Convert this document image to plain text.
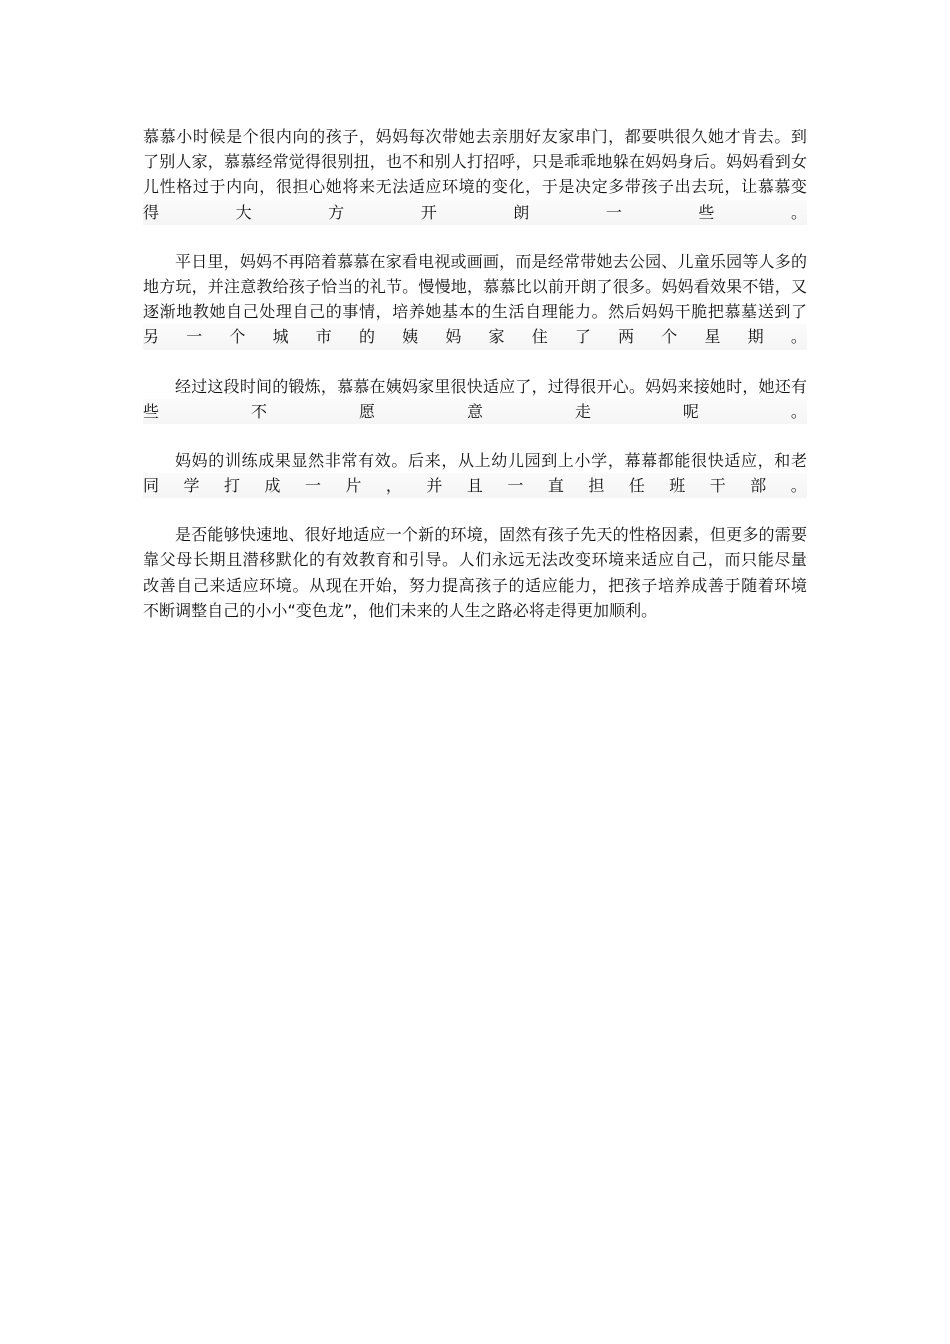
慕慕小时候是个很内向的孩子，妈妈每次带她去亲朋好友家串门，都要哄很久她才肯去。到
了别人家，慕慕经常觉得很别扭，也不和别人打招呼，只是乖乖地躲在妈妈身后。妈妈看到女
儿性格过于内向，很担心她将来无法适应环境的变化，于是决定多带孩子出去玩，让慕慕变
得	大	方	开	朗	一	些	。
平日里，妈妈不再陪着慕慕在家看电视或画画，而是经常带她去公园、儿童乐园等人多的
地方玩，并注意教给孩子恰当的礼节。慢慢地，慕慕比以前开朗了很多。妈妈看效果不错，又
逐渐地教她自己处理自己的事情，培养她基本的生活自理能力。然后妈妈干脆把慕墓送到了
另 一 个 城 市 的 姨 妈 家 住 了 两 个 星 期 。
经过这段时间的锻炼，慕慕在姨妈家里很快适应了，过得很开心。妈妈来接她时，她还有
些	不	愿	意	走	呢	。
妈妈的训练成果显然非常有效。后来，从上幼儿园到上小学，幕幕都能很快适应，和老
同 学 打 成 一 片 ， 并 且 一 直 担 任 班 干 部 。
是否能够快速地、很好地适应一个新的环境，固然有孩子先天的性格因素，但更多的需要
靠父母长期且潜移默化的有效教育和引导。人们永远无法改变环境来适应自己，而只能尽量
改善自己来适应环境。从现在开始，努力提高孩子的适应能力，把孩子培养成善于随着环境
不断调整自己的小小“变色龙”，他们未来的人生之路必将走得更加顺利。
